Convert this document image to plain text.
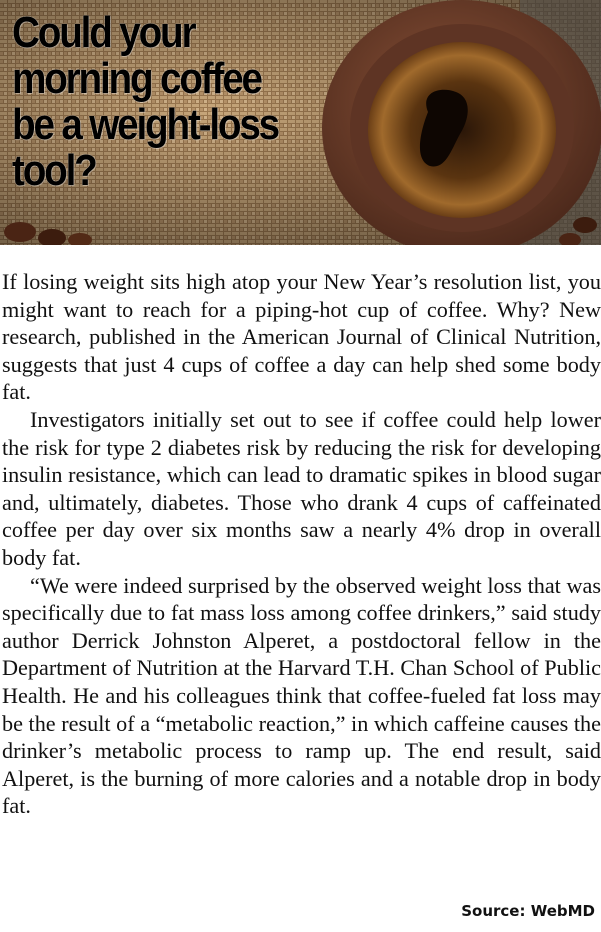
Could your
morning coffee
be a weight-loss
tool?

If losing weight sits high atop your New Year’s resolution list, you might want to reach for a piping-hot cup of coffee. Why? New research, published in the American Journal of Clinical Nutrition, suggests that just 4 cups of coffee a day can help shed some body fat.

Investigators initially set out to see if coffee could help lower the risk for type 2 diabetes risk by reducing the risk for developing insulin resistance, which can lead to dramatic spikes in blood sugar and, ultimately, diabetes. Those who drank 4 cups of caffeinated coffee per day over six months saw a nearly 4% drop in overall body fat.

“We were indeed surprised by the observed weight loss that was specifically due to fat mass loss among coffee drinkers,” said study author Derrick Johnston Alperet, a postdoctoral fellow in the Department of Nutrition at the Harvard T.H. Chan School of Public Health. He and his colleagues think that coffee-fueled fat loss may be the result of a “metabolic reaction,” in which caffeine causes the drinker’s metabolic process to ramp up. The end result, said Alperet, is the burning of more calories and a notable drop in body fat.

Source: WebMD
